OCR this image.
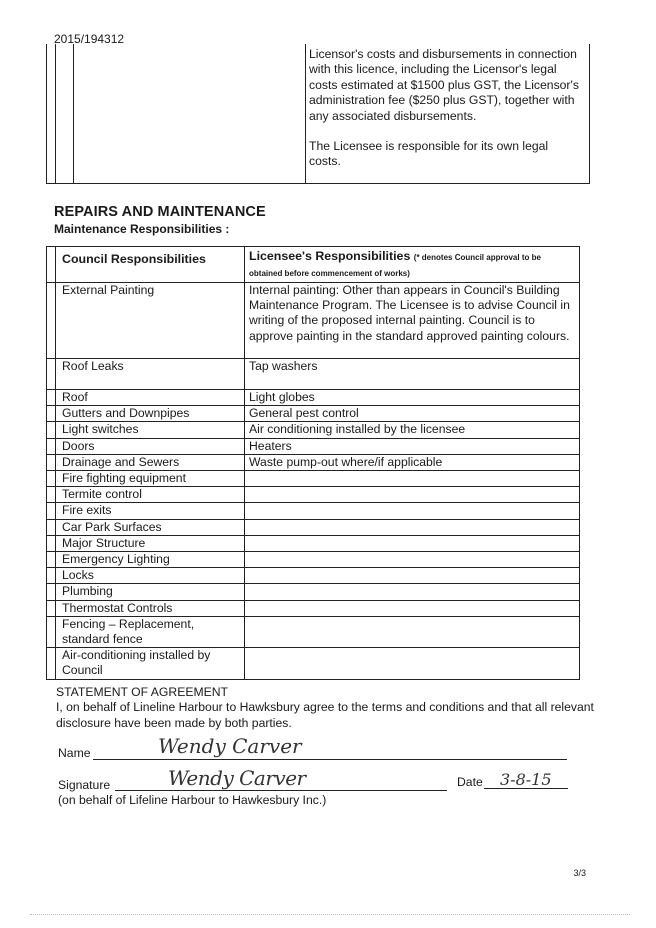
2015/194312

Licensor's costs and disbursements in connection with this licence, including the Licensor's legal costs estimated at $1500 plus GST, the Licensor's administration fee ($250 plus GST), together with any associated disbursements.

The Licensee is responsible for its own legal costs.

REPAIRS AND MAINTENANCE
Maintenance Responsibilities :
	Council Responsibilities	Licensee's Responsibilities (* denotes Council approval to be obtained before commencement of works)
	External Painting	Internal painting: Other than appears in Council's Building Maintenance Program. The Licensee is to advise Council in writing of the proposed internal painting. Council is to approve painting in the standard approved painting colours.
	Roof Leaks	Tap washers
	Roof	Light globes
	Gutters and Downpipes	General pest control
	Light switches	Air conditioning installed by the licensee
	Doors	Heaters
	Drainage and Sewers	Waste pump-out where/if applicable
	Fire fighting equipment	
	Termite control	
	Fire exits	
	Car Park Surfaces	
	Major Structure	
	Emergency Lighting	
	Locks	
	Plumbing	
	Thermostat Controls	
	Fencing – Replacement, standard fence	
	Air-conditioning installed by Council	

STATEMENT OF AGREEMENT

I, on behalf of Lineline Harbour to Hawksbury agree to the terms and conditions and that all relevant disclosure have been made by both parties.

Name	Wendy Carver
Signature	Wendy Carver	Date 3-8-15
(on behalf of Lifeline Harbour to Hawkesbury Inc.)
3/3
